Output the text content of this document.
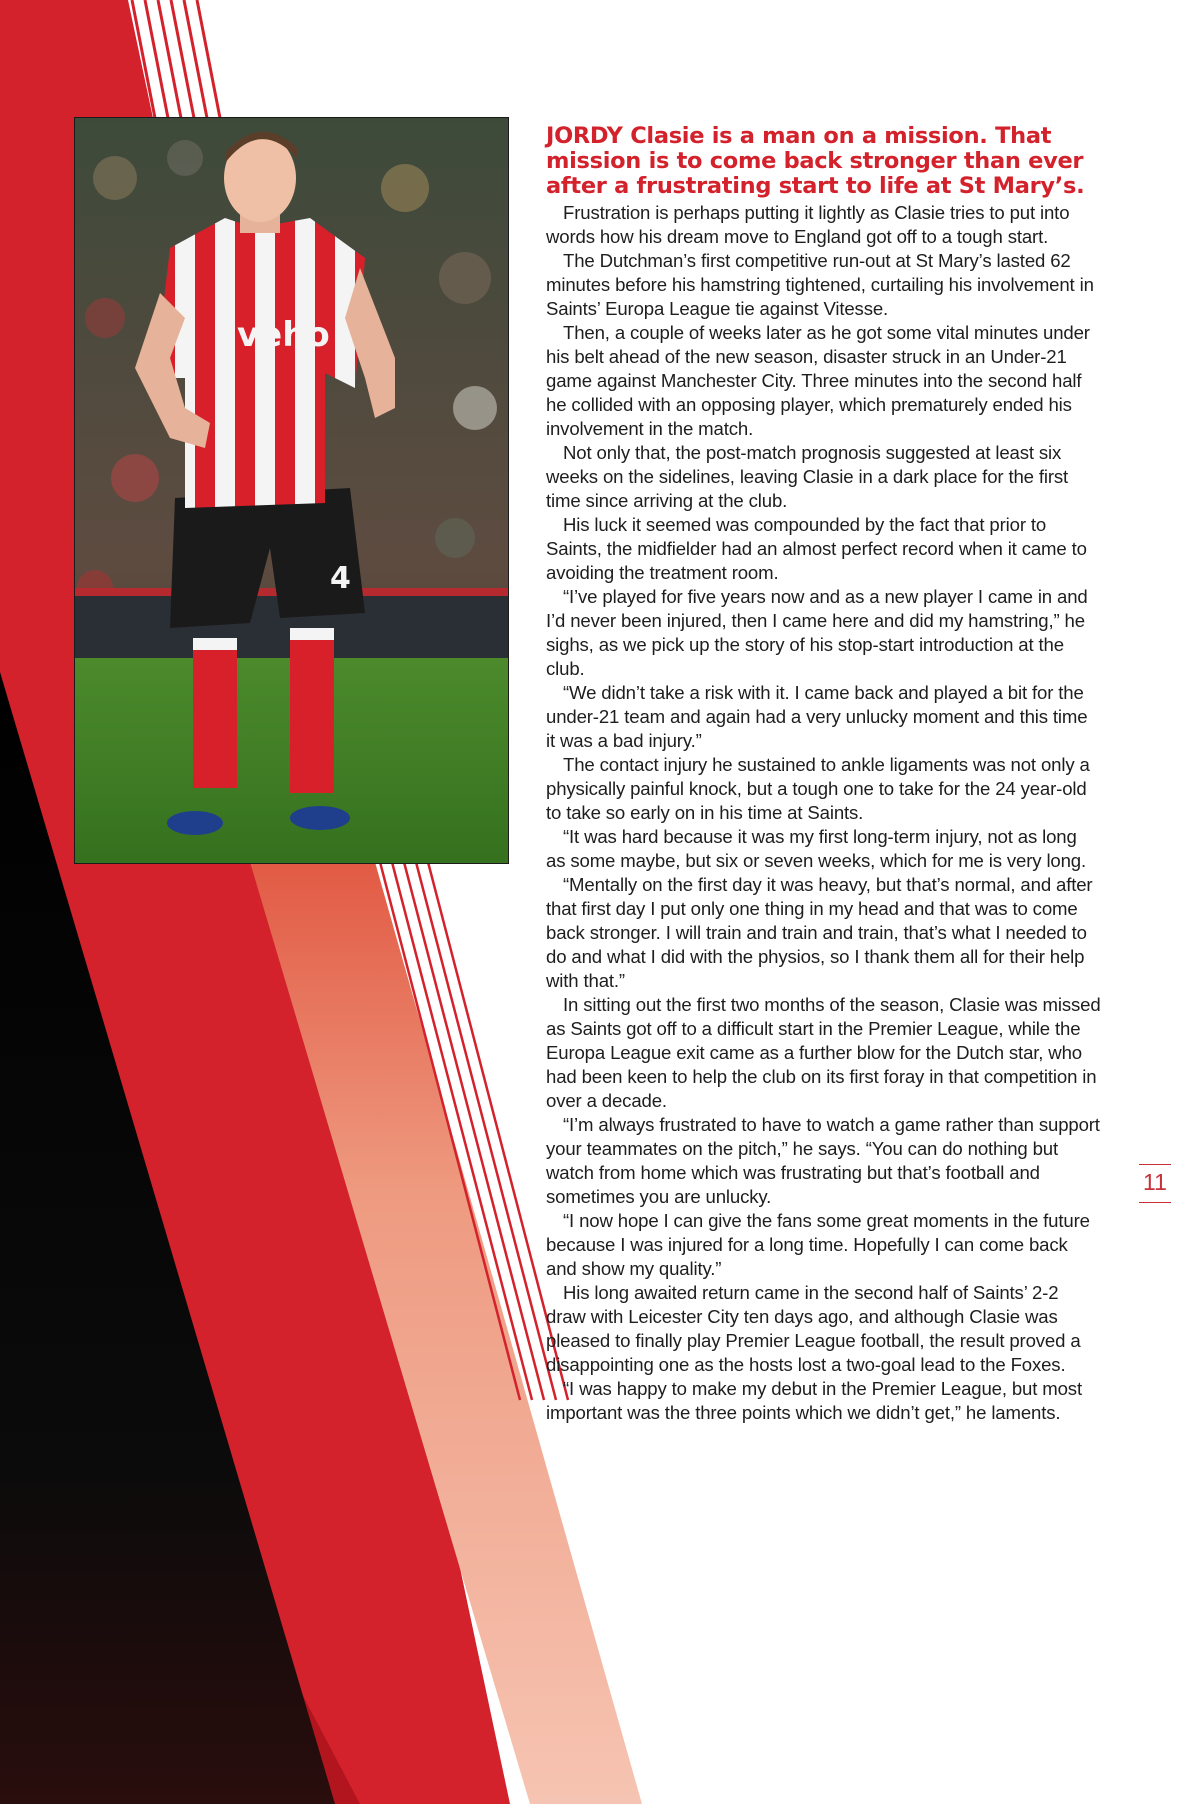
veho
4
JORDY Clasie is a man on a mission. That
mission is to come back stronger than ever
after a frustrating start to life at St Mary’s.

Frustration is perhaps putting it lightly as Clasie tries to put into words how his dream move to England got off to a tough start.

The Dutchman’s first competitive run-out at St Mary’s lasted 62 minutes before his hamstring tightened, curtailing his involvement in Saints’ Europa League tie against Vitesse.

Then, a couple of weeks later as he got some vital minutes under his belt ahead of the new season, disaster struck in an Under-21 game against Manchester City. Three minutes into the second half he collided with an opposing player, which prematurely ended his involvement in the match.

Not only that, the post-match prognosis suggested at least six weeks on the sidelines, leaving Clasie in a dark place for the first time since arriving at the club.

His luck it seemed was compounded by the fact that prior to Saints, the midfielder had an almost perfect record when it came to avoiding the treatment room.

“I’ve played for five years now and as a new player I came in and I’d never been injured, then I came here and did my hamstring,” he sighs, as we pick up the story of his stop-start introduction at the club.

“We didn’t take a risk with it. I came back and played a bit for the under-21 team and again had a very unlucky moment and this time it was a bad injury.”

The contact injury he sustained to ankle ligaments was not only a physically painful knock, but a tough one to take for the 24 year-old to take so early on in his time at Saints.

“It was hard because it was my first long-term injury, not as long as some maybe, but six or seven weeks, which for me is very long.

“Mentally on the first day it was heavy, but that’s normal, and after that first day I put only one thing in my head and that was to come back stronger. I will train and train and train, that’s what I needed to do and what I did with the physios, so I thank them all for their help with that.”

In sitting out the first two months of the season, Clasie was missed as Saints got off to a difficult start in the Premier League, while the Europa League exit came as a further blow for the Dutch star, who had been keen to help the club on its first foray in that competition in over a decade.

“I’m always frustrated to have to watch a game rather than support your teammates on the pitch,” he says. “You can do nothing but watch from home which was frustrating but that’s football and sometimes you are unlucky.

“I now hope I can give the fans some great moments in the future because I was injured for a long time. Hopefully I can come back and show my quality.”

His long awaited return came in the second half of Saints’ 2-2 draw with Leicester City ten days ago, and although Clasie was pleased to finally play Premier League football, the result proved a disappointing one as the hosts lost a two-goal lead to the Foxes.

“I was happy to make my debut in the Premier League, but most important was the three points which we didn’t get,” he laments.

11
